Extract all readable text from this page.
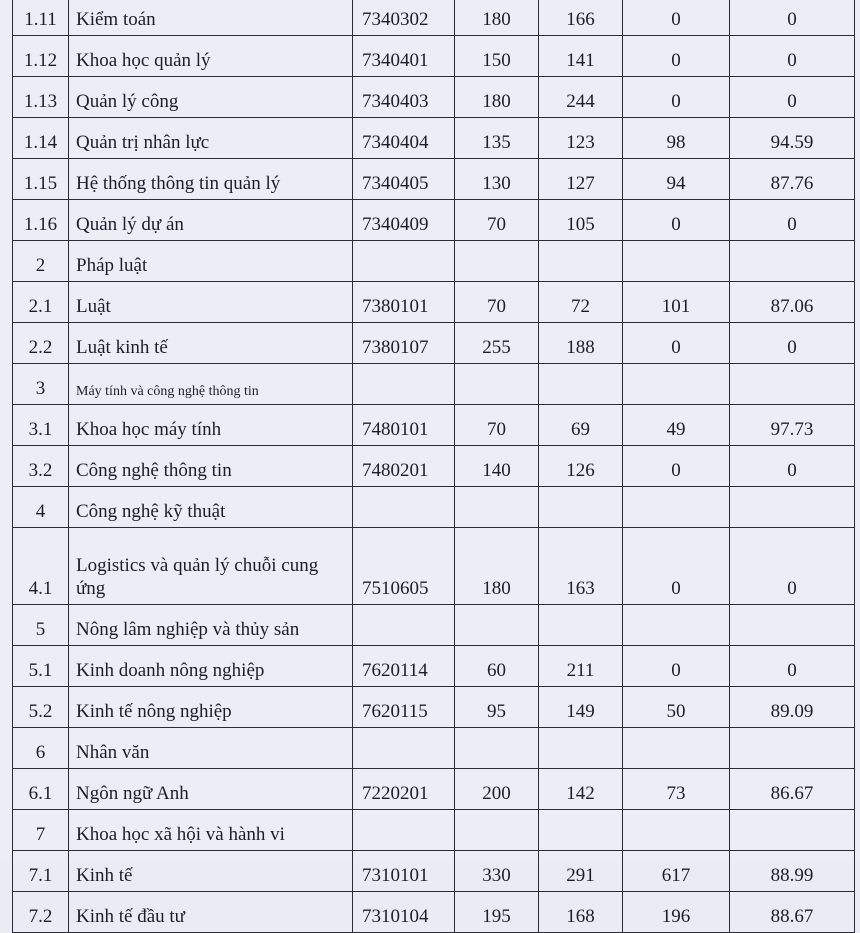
1.11	Kiểm toán	7340302	180	166	0	0
1.12	Khoa học quản lý	7340401	150	141	0	0
1.13	Quản lý công	7340403	180	244	0	0
1.14	Quản trị nhân lực	7340404	135	123	98	94.59
1.15	Hệ thống thông tin quản lý	7340405	130	127	94	87.76
1.16	Quản lý dự án	7340409	70	105	0	0
2	Pháp luật					
2.1	Luật	7380101	70	72	101	87.06
2.2	Luật kinh tế	7380107	255	188	0	0
3	Máy tính và công nghệ thông tin					
3.1	Khoa học máy tính	7480101	70	69	49	97.73
3.2	Công nghệ thông tin	7480201	140	126	0	0
4	Công nghệ kỹ thuật					
4.1	Logistics và quản lý chuỗi cung ứng	7510605	180	163	0	0
5	Nông lâm nghiệp và thủy sản					
5.1	Kinh doanh nông nghiệp	7620114	60	211	0	0
5.2	Kinh tế nông nghiệp	7620115	95	149	50	89.09
6	Nhân văn					
6.1	Ngôn ngữ Anh	7220201	200	142	73	86.67
7	Khoa học xã hội và hành vi					
7.1	Kinh tế	7310101	330	291	617	88.99
7.2	Kinh tế đầu tư	7310104	195	168	196	88.67
